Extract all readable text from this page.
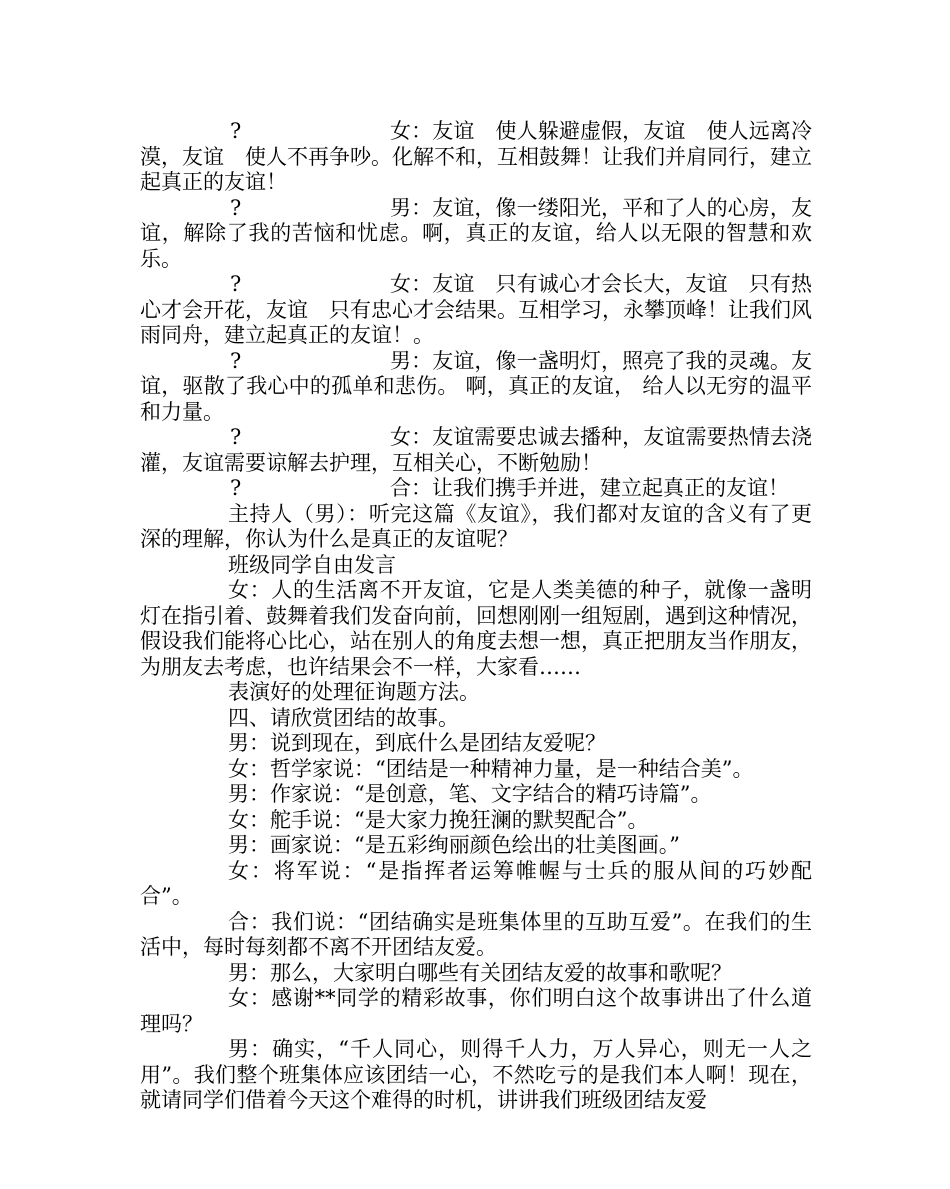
?	女：友谊　使人躲避虚假，友谊　使人远离冷漠，友谊　使人不再争吵。化解不和，互相鼓舞！让我们并肩同行，建立起真正的友谊！
?	男：友谊，像一缕阳光，平和了人的心房，友谊，解除了我的苦恼和忧虑。啊，真正的友谊，给人以无限的智慧和欢乐。
?	女：友谊　只有诚心才会长大，友谊　只有热心才会开花，友谊　只有忠心才会结果。互相学习，永攀顶峰！让我们风雨同舟，建立起真正的友谊！。
?	男：友谊，像一盏明灯，照亮了我的灵魂。友谊，驱散了我心中的孤单和悲伤。 啊，真正的友谊， 给人以无穷的温平和力量。
?	女：友谊需要忠诚去播种，友谊需要热情去浇灌，友谊需要谅解去护理，互相关心，不断勉励！
?	合：让我们携手并进，建立起真正的友谊！

主持人（男）：听完这篇《友谊》，我们都对友谊的含义有了更深的理解，你认为什么是真正的友谊呢？

班级同学自由发言

女：人的生活离不开友谊，它是人类美德的种子，就像一盏明灯在指引着、鼓舞着我们发奋向前，回想刚刚一组短剧，遇到这种情况，假设我们能将心比心，站在别人的角度去想一想，真正把朋友当作朋友，为朋友去考虑，也许结果会不一样，大家看……

表演好的处理征询题方法。

四、请欣赏团结的故事。

男：说到现在，到底什么是团结友爱呢？

女：哲学家说：“团结是一种精神力量，是一种结合美”。

男：作家说：“是创意，笔、文字结合的精巧诗篇”。

女：舵手说：“是大家力挽狂澜的默契配合”。

男：画家说：“是五彩绚丽颜色绘出的壮美图画。”

女：将军说：“是指挥者运筹帷幄与士兵的服从间的巧妙配合”。

合：我们说：“团结确实是班集体里的互助互爱”。在我们的生活中，每时每刻都不离不开团结友爱。

男：那么，大家明白哪些有关团结友爱的故事和歌呢？

女：感谢**同学的精彩故事，你们明白这个故事讲出了什么道理吗？

男：确实，“千人同心，则得千人力，万人异心，则无一人之用”。我们整个班集体应该团结一心，不然吃亏的是我们本人啊！现在，就请同学们借着今天这个难得的时机，讲讲我们班级团结友爱
